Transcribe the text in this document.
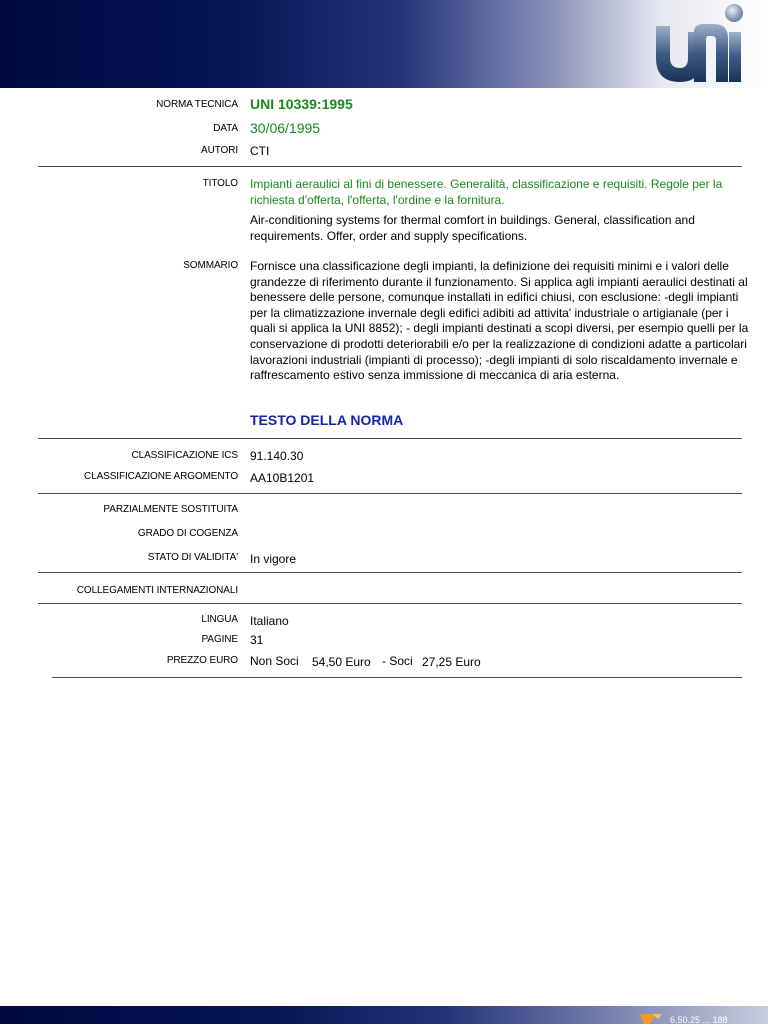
NORMA TECNICA UNI 10339:1995
DATA 30/06/1995
AUTORI CTI
TITOLO Impianti aeraulici al fini di benessere. Generalità, classificazione e requisiti. Regole per la richiesta d'offerta, l'offerta, l'ordine e la fornitura.
Air-conditioning systems for thermal comfort in buildings. General, classification and requirements. Offer, order and supply specifications.
SOMMARIO Fornisce una classificazione degli impianti, la definizione dei requisiti minimi e i valori delle grandezze di riferimento durante il funzionamento. Si applica agli impianti aeraulici destinati al benessere delle persone, comunque installati in edifici chiusi, con esclusione: -degli impianti per la climatizzazione invernale degli edifici adibiti ad attivita' industriale o artigianale (per i quali si applica la UNI 8852); - degli impianti destinati a scopi diversi, per esempio quelli per la conservazione di prodotti deteriorabili e/o per la realizzazione di condizioni adatte a particolari lavorazioni industriali (impianti di processo); -degli impianti di solo riscaldamento invernale e raffrescamento estivo senza immissione di meccanica di aria esterna.
TESTO DELLA NORMA
CLASSIFICAZIONE ICS 91.140.30
CLASSIFICAZIONE ARGOMENTO AA10B1201
PARZIALMENTE SOSTITUITA
GRADO DI COGENZA
STATO DI VALIDITA' In vigore
COLLEGAMENTI INTERNAZIONALI
LINGUA Italiano
PAGINE 31
PREZZO EURO Non Soci 54,50 Euro - Soci 27,25 Euro
6.50.25 ... 188
